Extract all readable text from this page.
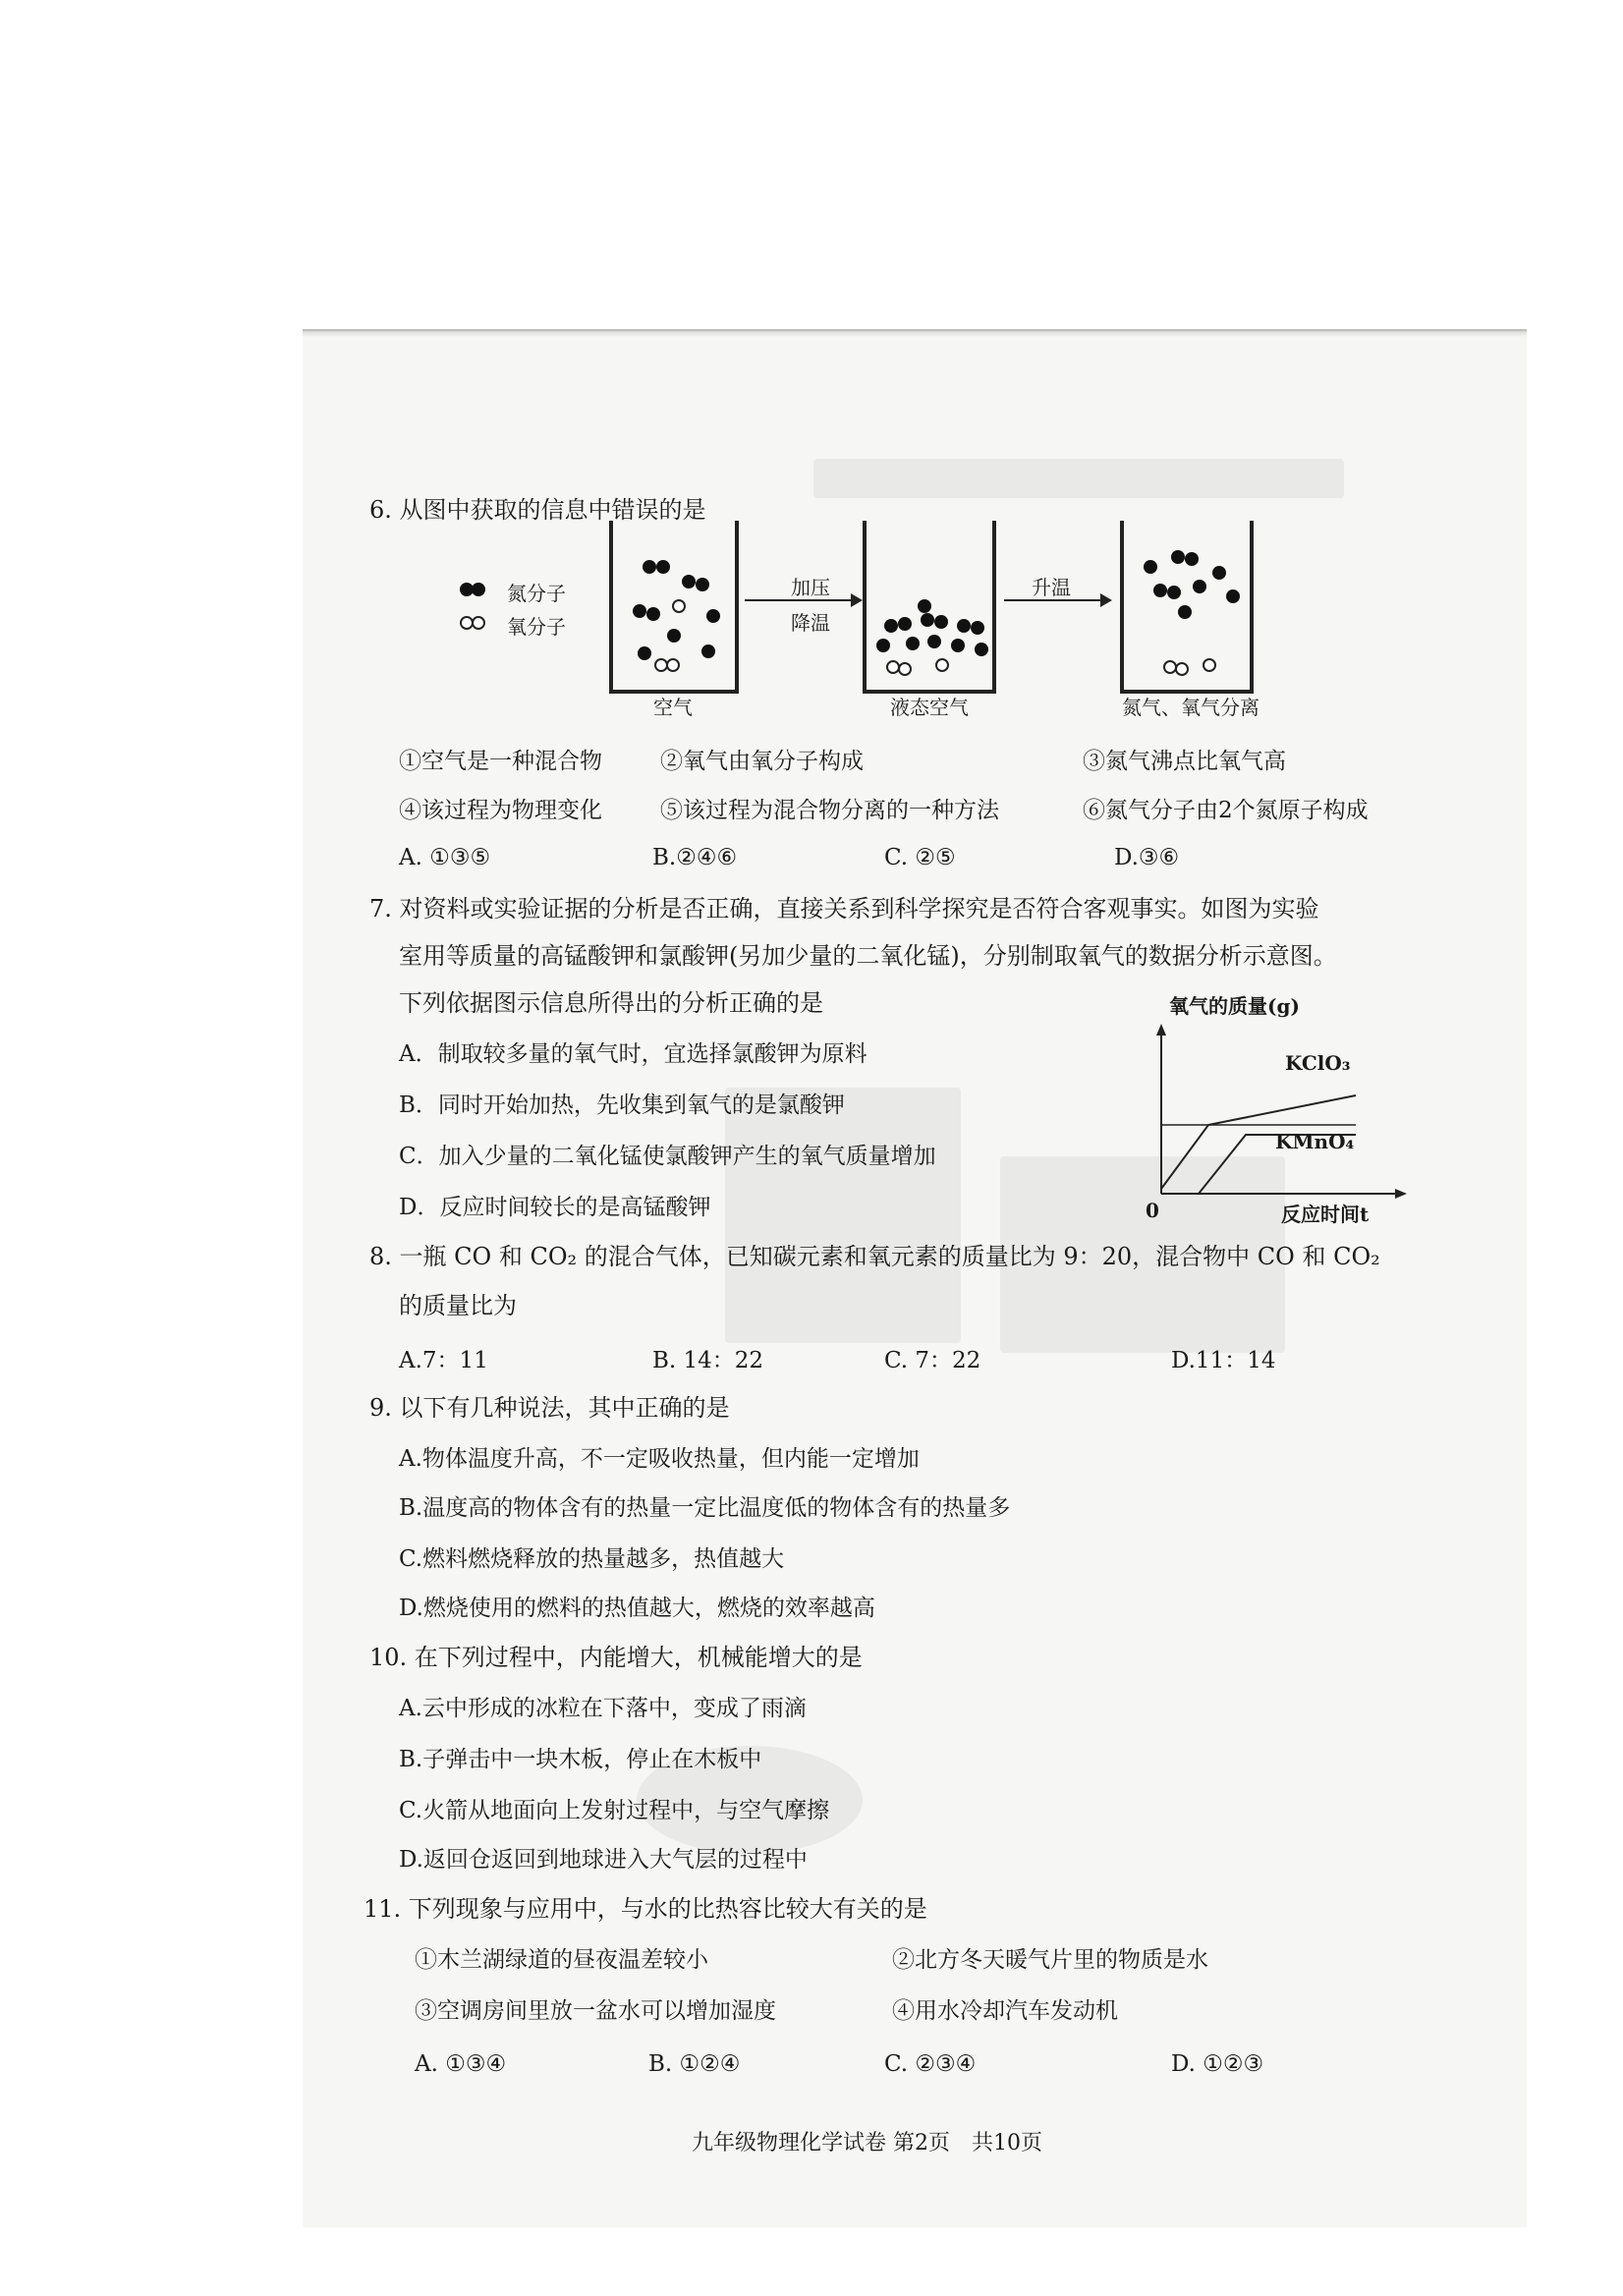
6. 从图中获取的信息中错误的是
氮分子
氧分子
空气
加压
降温
液态空气
升温
氮气、氧气分离
①空气是一种混合物	②氧气由氧分子构成	③氮气沸点比氧气高
④该过程为物理变化	⑤该过程为混合物分离的一种方法	⑥氮气分子由2个氮原子构成
A. ①③⑤	B.②④⑥	C. ②⑤	D.③⑥
7. 对资料或实验证据的分析是否正确，直接关系到科学探究是否符合客观事实。如图为实验
室用等质量的高锰酸钾和氯酸钾(另加少量的二氧化锰)，分别制取氧气的数据分析示意图。
下列依据图示信息所得出的分析正确的是
A．制取较多量的氧气时，宜选择氯酸钾为原料
B．同时开始加热，先收集到氧气的是氯酸钾
C．加入少量的二氧化锰使氯酸钾产生的氧气质量增加
D．反应时间较长的是高锰酸钾
氧气的质量(g)
KClO₃
KMnO₄
0	反应时间t
8. 一瓶 CO 和 CO₂ 的混合气体，已知碳元素和氧元素的质量比为 9：20，混合物中 CO 和 CO₂
的质量比为
A.7：11	B. 14：22	C. 7：22	D.11：14
9. 以下有几种说法，其中正确的是
A.物体温度升高，不一定吸收热量，但内能一定增加
B.温度高的物体含有的热量一定比温度低的物体含有的热量多
C.燃料燃烧释放的热量越多，热值越大
D.燃烧使用的燃料的热值越大，燃烧的效率越高
10. 在下列过程中，内能增大，机械能增大的是
A.云中形成的冰粒在下落中，变成了雨滴
B.子弹击中一块木板，停止在木板中
C.火箭从地面向上发射过程中，与空气摩擦
D.返回仓返回到地球进入大气层的过程中
11. 下列现象与应用中，与水的比热容比较大有关的是
①木兰湖绿道的昼夜温差较小	②北方冬天暖气片里的物质是水
③空调房间里放一盆水可以增加湿度	④用水冷却汽车发动机
A. ①③④	B. ①②④	C. ②③④	D. ①②③
九年级物理化学试卷 第2页　共10页
